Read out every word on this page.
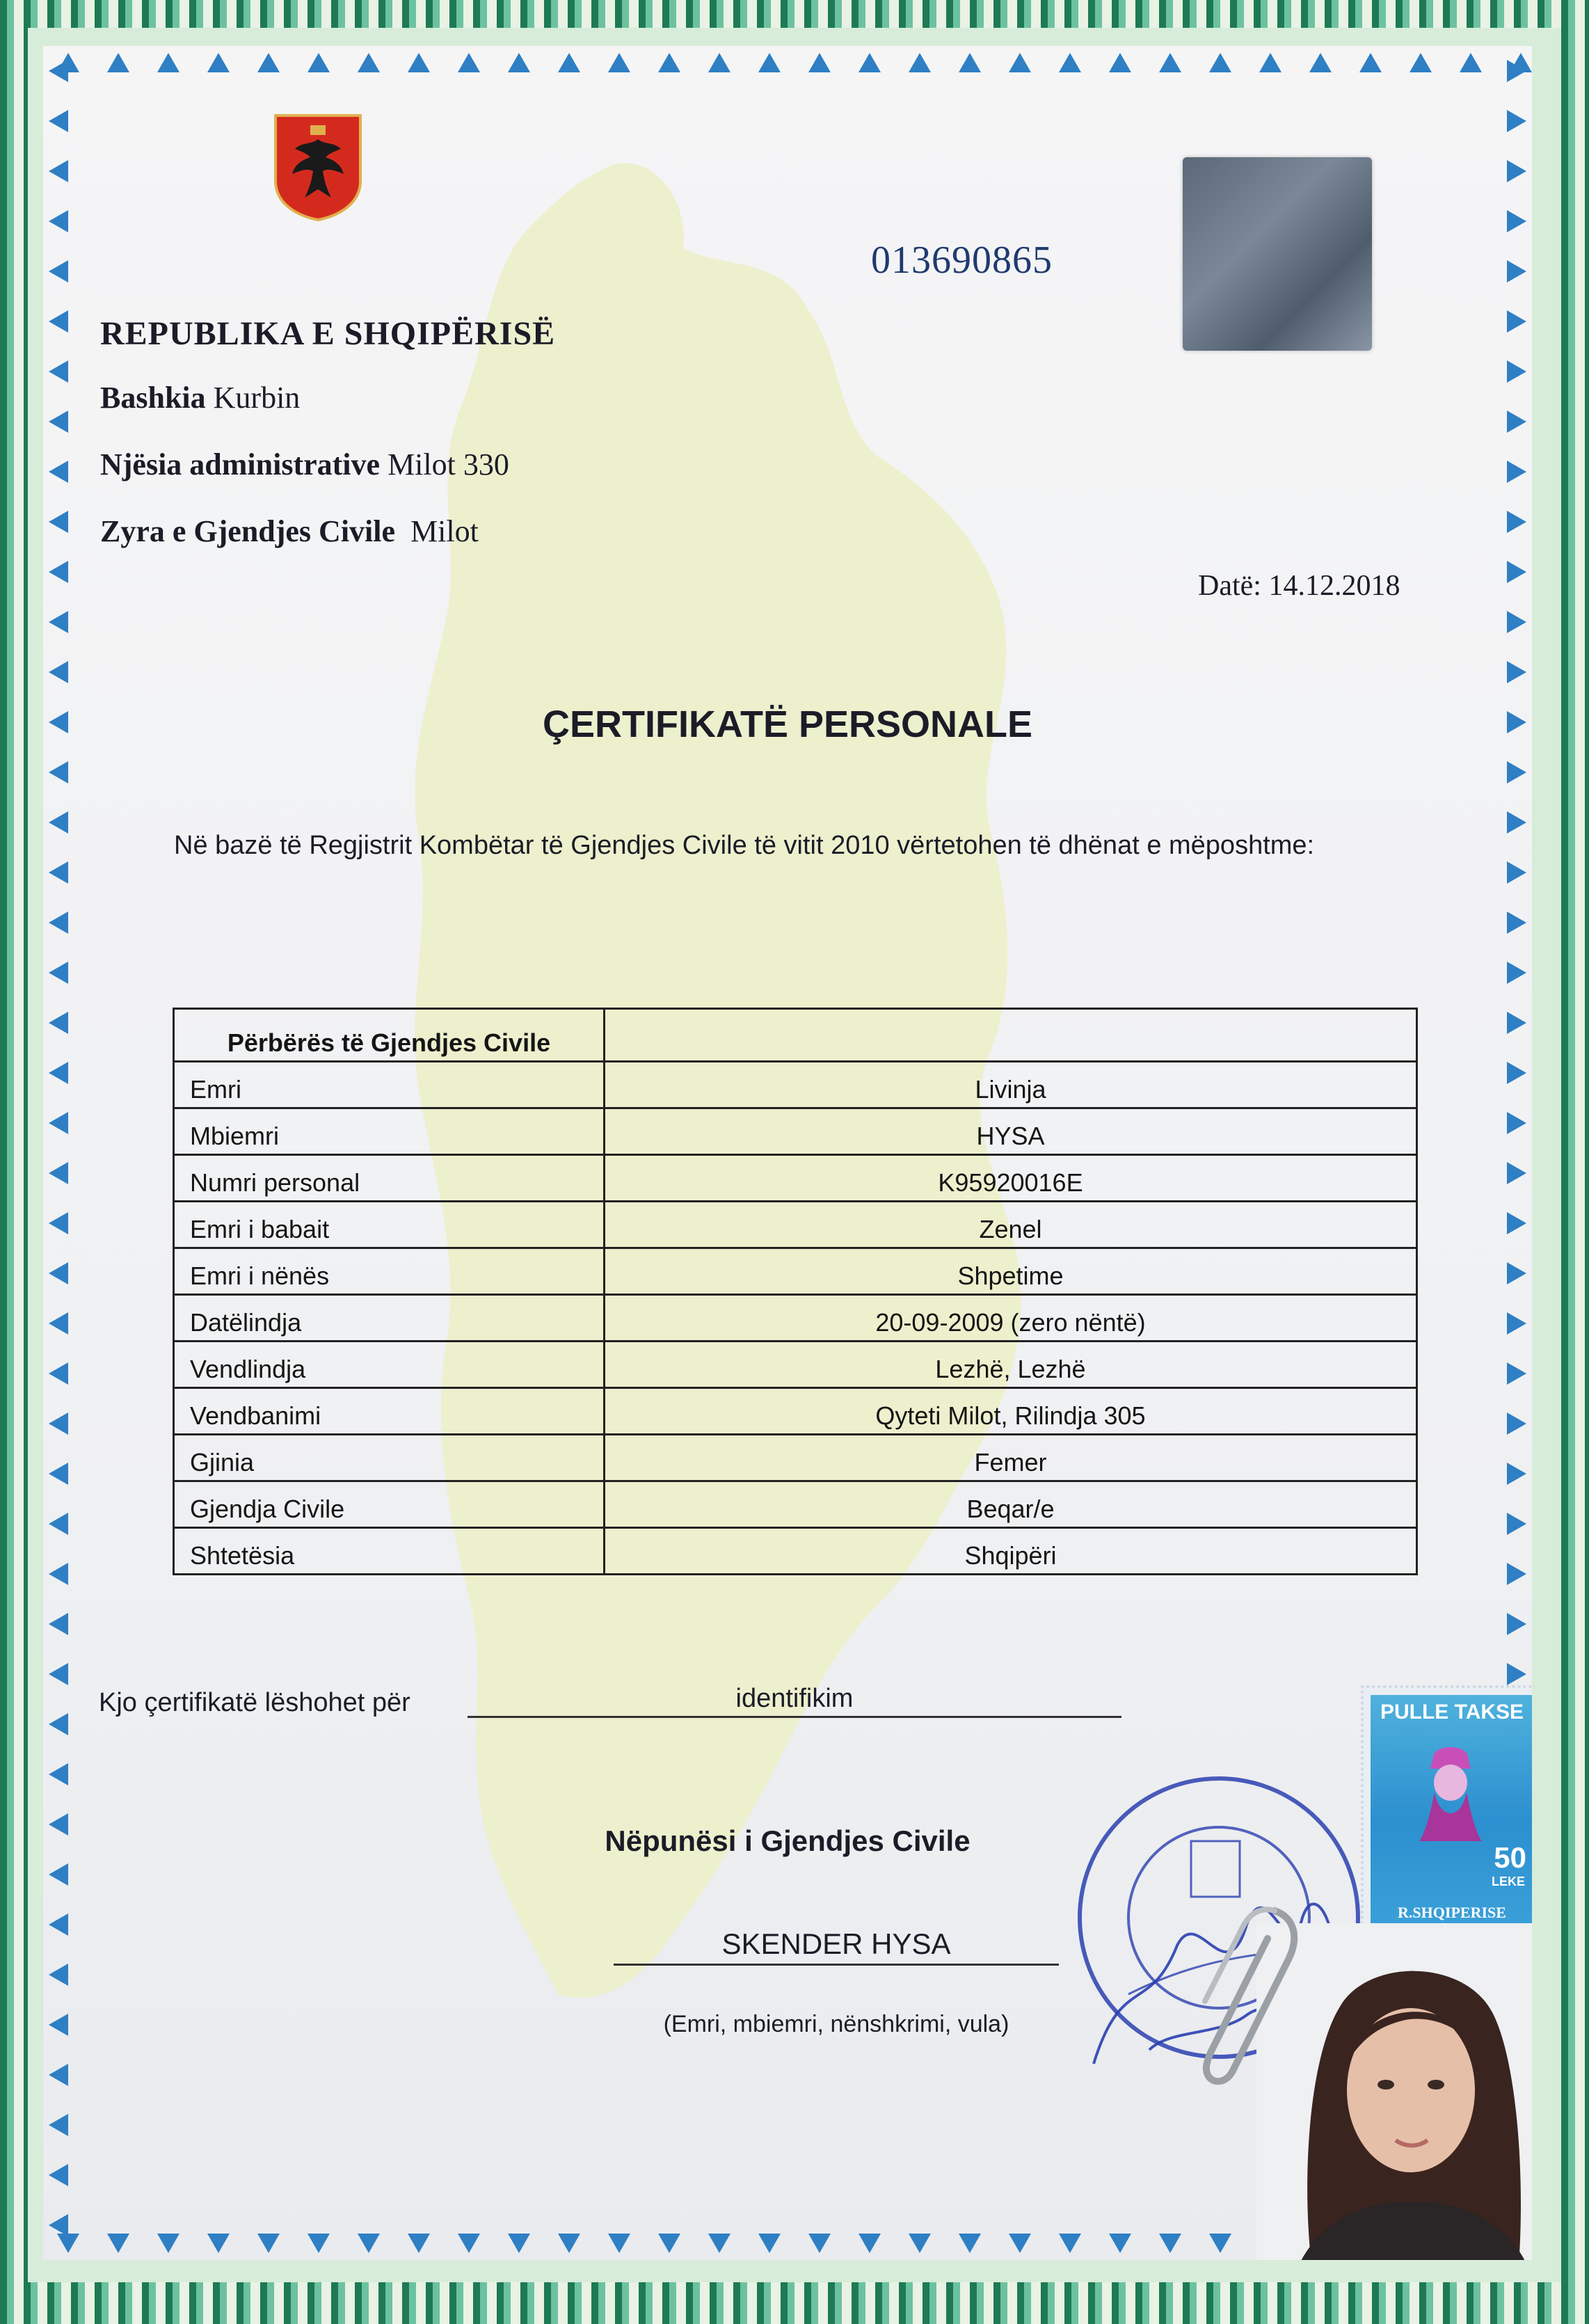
013690865
REPUBLIKA E SHQIPËRISË
Bashkia Kurbin
Njësia administrative Milot 330
Zyra e Gjendjes Civile Milot
Datë: 14.12.2018
ÇERTIFIKATË PERSONALE
Në bazë të Regjistrit Kombëtar të Gjendjes Civile të vitit 2010 vërtetohen të dhënat e mëposhtme:
Përbërës të Gjendjes Civile	
Emri	Livinja
Mbiemri	HYSA
Numri personal	K95920016E
Emri i babait	Zenel
Emri i nënës	Shpetime
Datëlindja	20-09-2009 (zero nëntë)
Vendlindja	Lezhë, Lezhë
Vendbanimi	Qyteti Milot, Rilindja 305
Gjinia	Femer
Gjendja Civile	Beqar/e
Shtetësia	Shqipëri
Kjo çertifikatë lëshohet për	identifikim
Nëpunësi i Gjendjes Civile
SKENDER HYSA
(Emri, mbiemri, nënshkrimi, vula)
PULLE TAKSE
50
LEKE
R.SHQIPERISE
